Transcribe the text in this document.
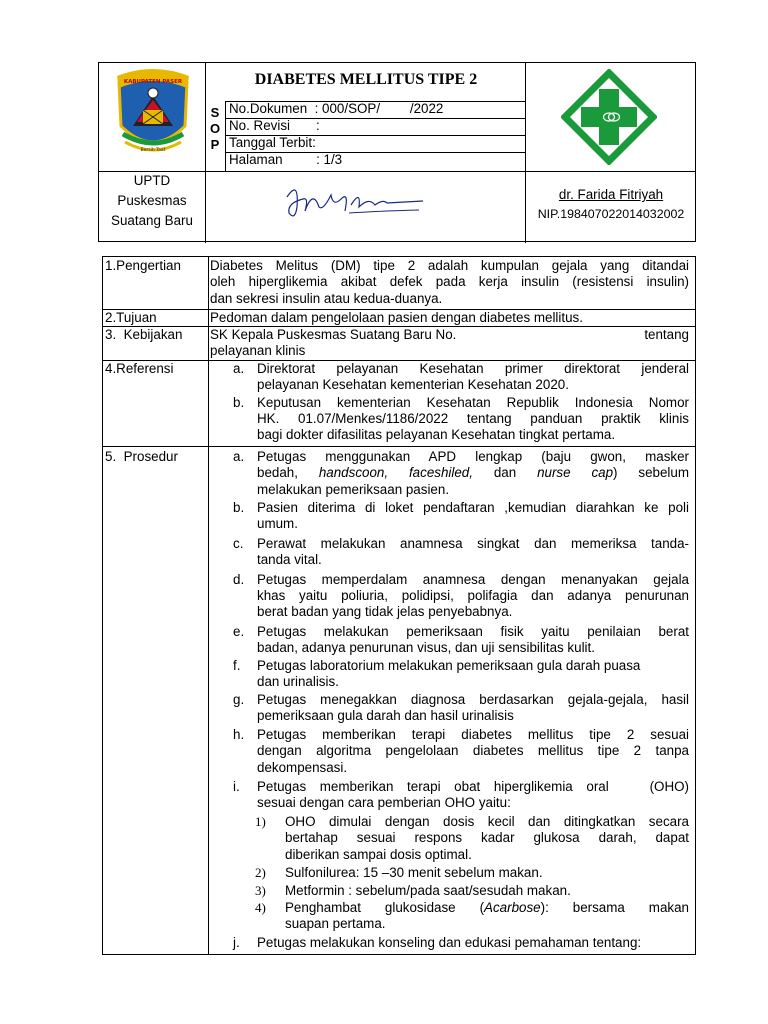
KABUPATEN PASER
Bersih Taat
DIABETES MELLITUS TIPE 2
S
O
P
No.Dokumen  : 000/SOP/        /2022
No. Revisi       :
Tanggal Terbit:
Halaman         : 1/3
UPTD
Puskesmas
Suatang Baru
dr. Farida Fitriyah
NIP.198407022014032002
1.Pengertian	Diabetes Melitus (DM) tipe 2 adalah kumpulan gejala yang ditandai
oleh hiperglikemia akibat defek pada kerja insulin (resistensi insulin)
dan sekresi insulin atau kedua-duanya.
2.Tujuan	Pedoman dalam pengelolaan pasien dengan diabetes mellitus.
3.  Kebijakan	SK Kepala Puskesmas Suatang Baru No.	tentang
pelayanan klinis
4.Referensi	a. Direktorat pelayanan Kesehatan primer direktorat jenderal
pelayanan Kesehatan kementerian Kesehatan 2020.
b. Keputusan kementerian Kesehatan Republik Indonesia Nomor
HK. 01.07/Menkes/1186/2022 tentang panduan praktik klinis
bagi dokter difasilitas pelayanan Kesehatan tingkat pertama.
5.  Prosedur	a. Petugas menggunakan APD lengkap (baju gwon, masker
bedah, handscoon, faceshiled, dan nurse cap) sebelum
melakukan pemeriksaan pasien.
b. Pasien diterima di loket pendaftaran ,kemudian diarahkan ke poli
umum.
c.	Perawat melakukan anamnesa singkat dan memeriksa tanda-
tanda vital.
d. Petugas memperdalam anamnesa dengan menanyakan gejala
khas yaitu poliuria, polidipsi, polifagia dan adanya penurunan
berat badan yang tidak jelas penyebabnya.
e. Petugas melakukan pemeriksaan fisik yaitu penilaian berat
badan, adanya penurunan visus, dan uji sensibilitas kulit.
f.	Petugas laboratorium melakukan pemeriksaan gula darah puasa
dan urinalisis.
g. Petugas menegakkan diagnosa berdasarkan gejala-gejala, hasil
pemeriksaan gula darah dan hasil urinalisis
h. Petugas memberikan terapi diabetes mellitus tipe 2 sesuai
dengan algoritma pengelolaan diabetes mellitus tipe 2 tanpa
dekompensasi.
i.	Petugas memberikan terapi obat hiperglikemia oral   (OHO)
sesuai dengan cara pemberian OHO yaitu:
1)	OHO dimulai dengan dosis kecil dan ditingkatkan secara
bertahap sesuai respons kadar glukosa darah, dapat
diberikan sampai dosis optimal.
2)	Sulfonilurea: 15 –30 menit sebelum makan.
3)	Metformin : sebelum/pada saat/sesudah makan.
4)	Penghambat glukosidase (Acarbose): bersama makan
suapan pertama.
j.	Petugas melakukan konseling dan edukasi pemahaman tentang:
